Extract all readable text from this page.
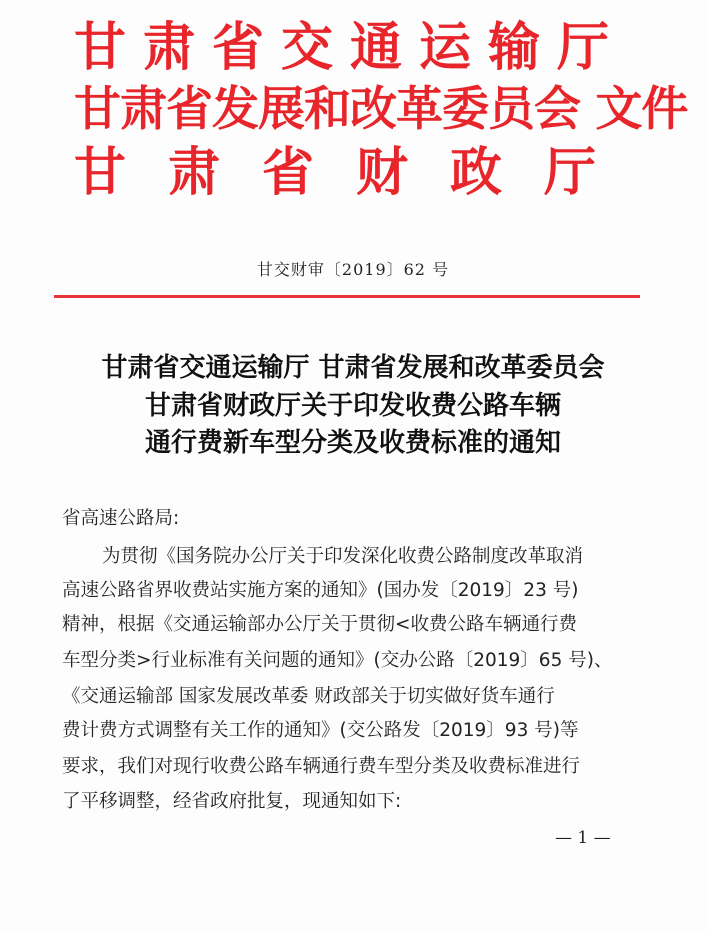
甘肃省交通运输厅
甘肃省发展和改革委员会 文件
甘肃省财政厅
甘交财审〔2019〕62 号
甘肃省交通运输厅 甘肃省发展和改革委员会
甘肃省财政厅关于印发收费公路车辆
通行费新车型分类及收费标准的通知
省高速公路局:
为贯彻《国务院办公厅关于印发深化收费公路制度改革取消
高速公路省界收费站实施方案的通知》(国办发〔2019〕23 号)
精神，根据《交通运输部办公厅关于贯彻<收费公路车辆通行费
车型分类>行业标准有关问题的通知》(交办公路〔2019〕65 号)、
《交通运输部 国家发展改革委 财政部关于切实做好货车通行
费计费方式调整有关工作的通知》(交公路发〔2019〕93 号)等
要求，我们对现行收费公路车辆通行费车型分类及收费标准进行
了平移调整，经省政府批复，现通知如下:
— 1 —
